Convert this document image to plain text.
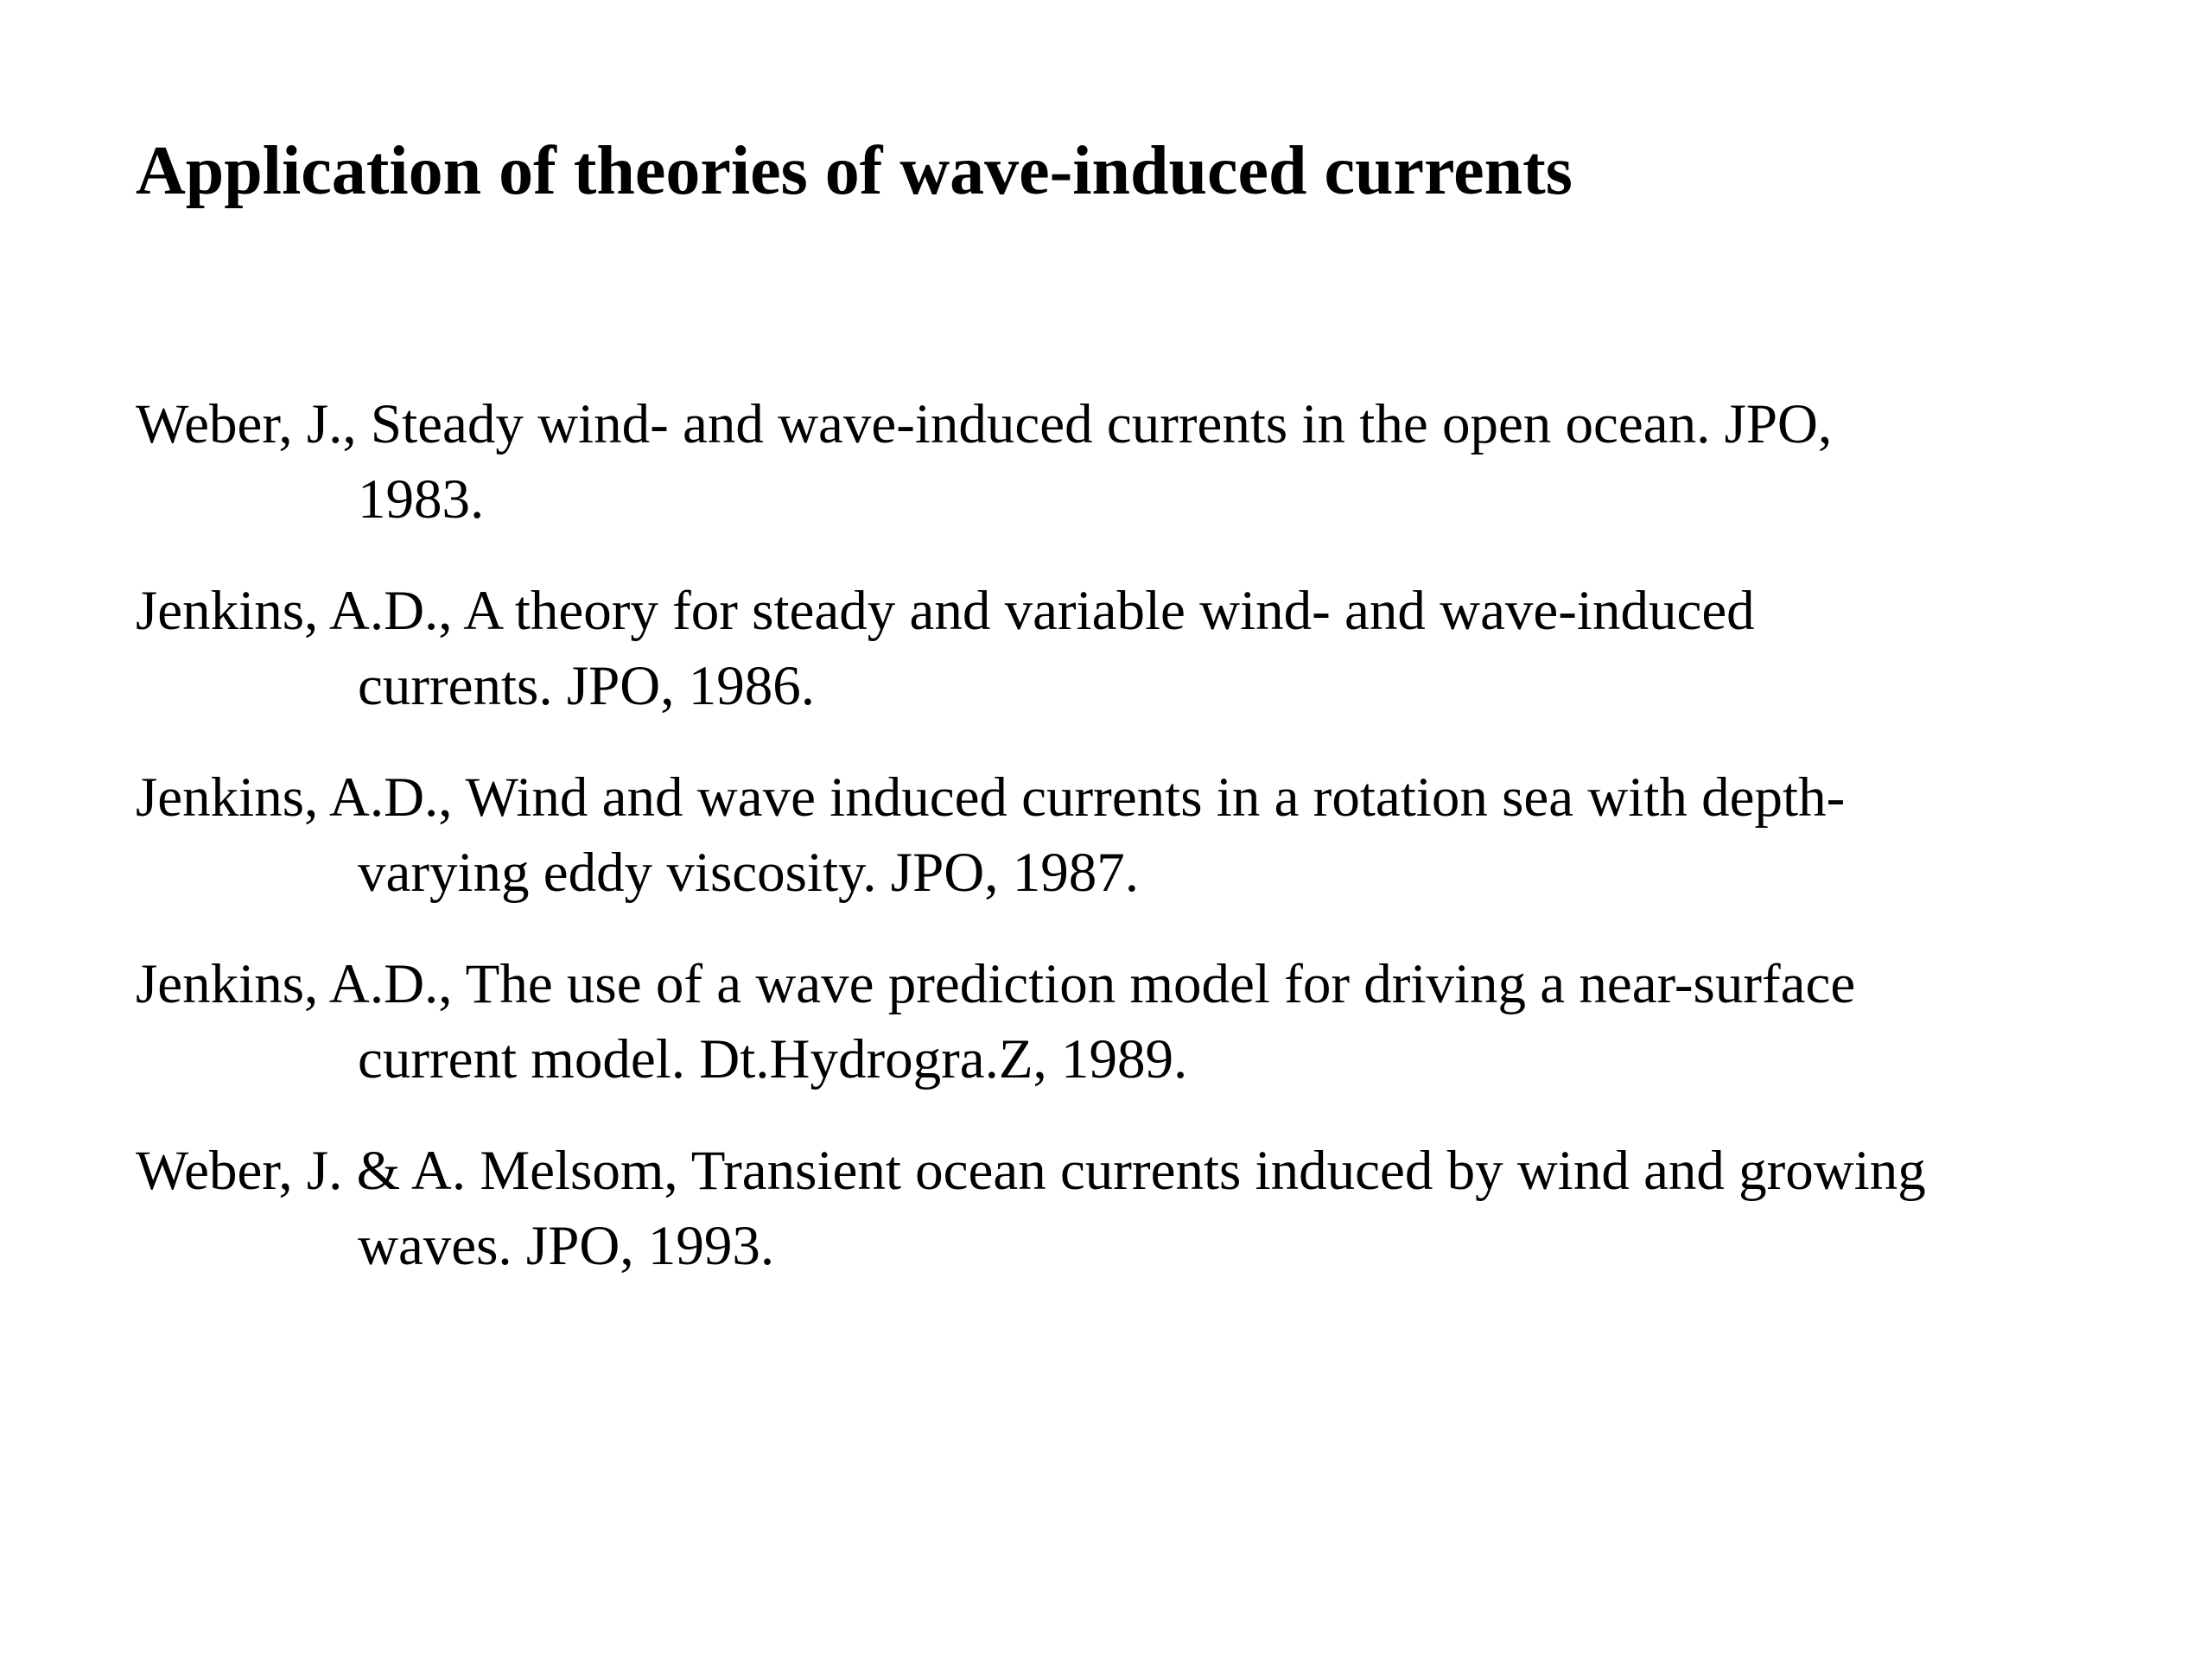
Application of theories of wave-induced currents
Weber, J., Steady wind- and wave-induced currents in the open ocean. JPO,
1983.
Jenkins, A.D., A theory for steady and variable wind- and wave-induced
currents. JPO, 1986.
Jenkins, A.D., Wind and wave induced currents in a rotation sea with depth-
varying eddy viscosity. JPO, 1987.
Jenkins, A.D., The use of a wave prediction model for driving a near-surface
current model. Dt.Hydrogra.Z, 1989.
Weber, J. & A. Melsom, Transient ocean currents induced by wind and growing
waves. JPO, 1993.
